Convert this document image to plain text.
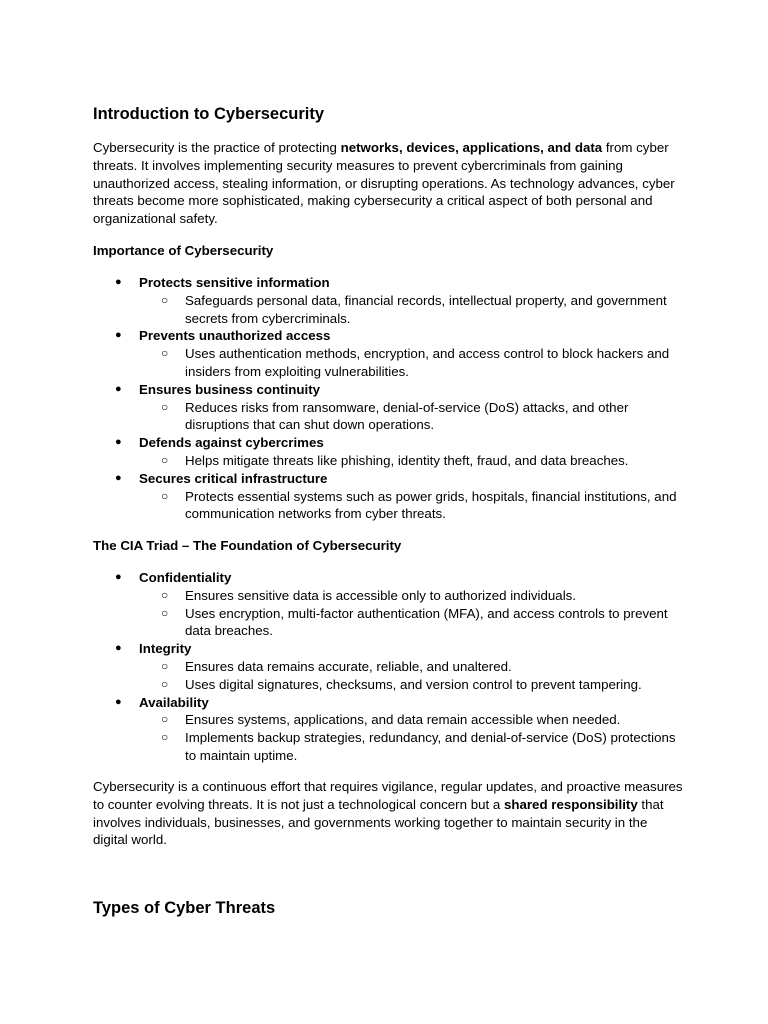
Introduction to Cybersecurity
Cybersecurity is the practice of protecting networks, devices, applications, and data from cyber threats. It involves implementing security measures to prevent cybercriminals from gaining unauthorized access, stealing information, or disrupting operations. As technology advances, cyber threats become more sophisticated, making cybersecurity a critical aspect of both personal and organizational safety.
Importance of Cybersecurity
● Protects sensitive information
○ Safeguards personal data, financial records, intellectual property, and government secrets from cybercriminals.
● Prevents unauthorized access
○ Uses authentication methods, encryption, and access control to block hackers and insiders from exploiting vulnerabilities.
● Ensures business continuity
○ Reduces risks from ransomware, denial-of-service (DoS) attacks, and other disruptions that can shut down operations.
● Defends against cybercrimes
○ Helps mitigate threats like phishing, identity theft, fraud, and data breaches.
● Secures critical infrastructure
○ Protects essential systems such as power grids, hospitals, financial institutions, and communication networks from cyber threats.
The CIA Triad – The Foundation of Cybersecurity
● Confidentiality
○ Ensures sensitive data is accessible only to authorized individuals.
○ Uses encryption, multi-factor authentication (MFA), and access controls to prevent data breaches.
● Integrity
○ Ensures data remains accurate, reliable, and unaltered.
○ Uses digital signatures, checksums, and version control to prevent tampering.
● Availability
○ Ensures systems, applications, and data remain accessible when needed.
○ Implements backup strategies, redundancy, and denial-of-service (DoS) protections to maintain uptime.
Cybersecurity is a continuous effort that requires vigilance, regular updates, and proactive measures to counter evolving threats. It is not just a technological concern but a shared responsibility that involves individuals, businesses, and governments working together to maintain security in the digital world.
Types of Cyber Threats
